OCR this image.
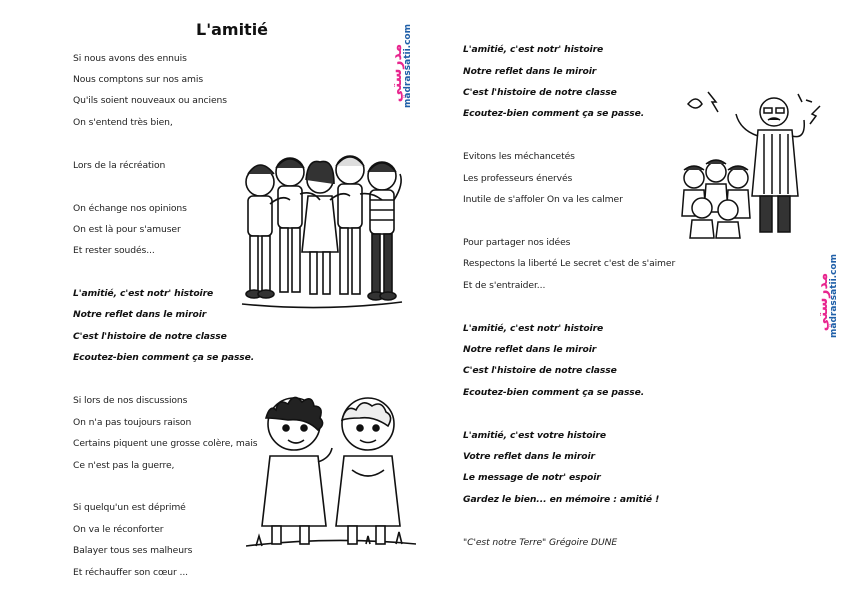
L'amitié
Si nous avons des ennuis
Nous comptons sur nos amis
Qu'ils soient nouveaux ou anciens
On s'entend très bien,
Lors de la récréation
On échange nos opinions
On est là pour s'amuser
Et rester soudés...
L'amitié, c'est notr' histoire
Notre reflet dans le miroir
C'est l'histoire de notre classe
Ecoutez-bien comment ça se passe.
Si lors de nos discussions
On n'a pas toujours raison
Certains piquent une grosse colère, mais
Ce n'est pas la guerre,
Si quelqu'un est déprimé
On va le réconforter
Balayer tous ses malheurs
Et réchauffer son cœur ...
L'amitié, c'est notr' histoire
Notre reflet dans le miroir
C'est l'histoire de notre classe
Ecoutez-bien comment ça se passe.
Evitons les méchancetés
Les professeurs énervés
Inutile de s'affoler On va les calmer
Pour partager nos idées
Respectons la liberté Le secret c'est de s'aimer
Et de s'entraider...
L'amitié, c'est notr' histoire
Notre reflet dans le miroir
C'est l'histoire de notre classe
Ecoutez-bien comment ça se passe.
L'amitié, c'est votre histoire
Votre reflet dans le miroir
Le message de notr' espoir
Gardez le bien... en mémoire : amitié !
"C'est notre Terre" Grégoire DUNE
مدرستي
madrassatii.com
مدرستي
madrassatii.com
